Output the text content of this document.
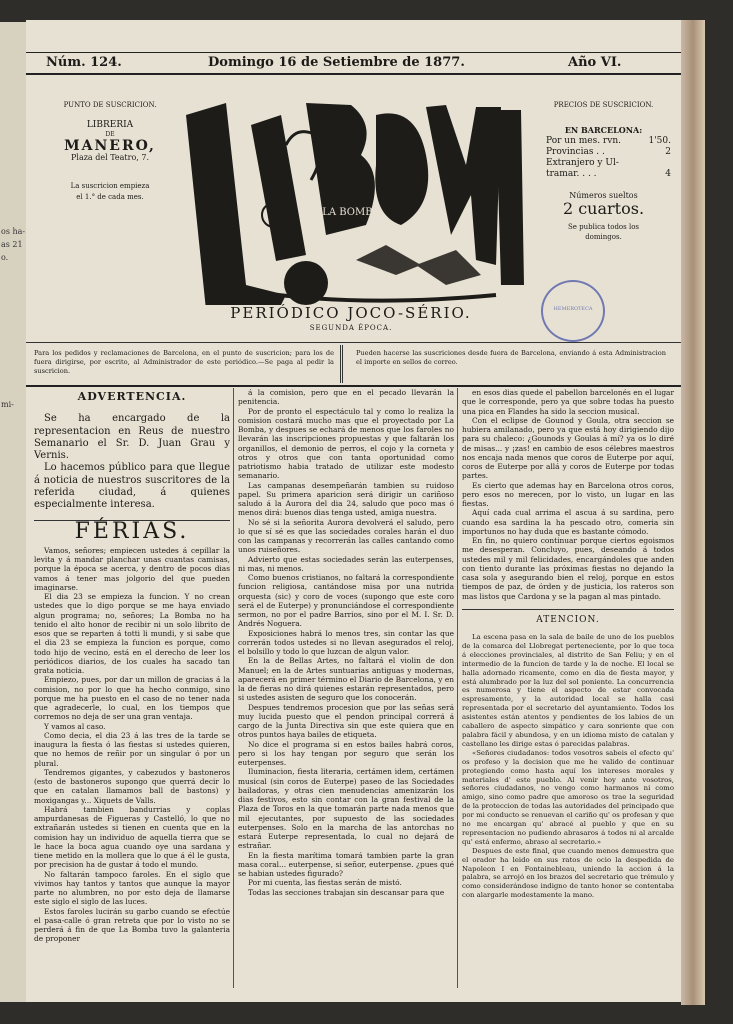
os ha-
as 21
o.
mi-
Núm. 124.	Domingo 16 de Setiembre de 1877.	Año VI.
PUNTO DE SUSCRICION.
LIBRERIA
DE
MANERO,
Plaza del Teatro, 7.
La suscricion empieza
el 1.° de cada mes.
LA BOMBA
PERIÓDICO JOCO-SÉRIO.
SEGUNDA ÉPOCA.
PRECIOS DE SUSCRICION.
EN BARCELONA:
Por un mes. rvn.	1'50.
Provincias . .	2
Extranjero y Ul-
tramar. . . .	4
Números sueltos
2 cuartos.
Se publica todos los
domingos.
HEMEROTECA
Para los pedidos y reclamaciones de Barcelona, en el punto de suscricion; para los de fuera dirigirse, por escrito, al Administrador de este periódico.—Se paga al pedir la suscricion.
Pueden hacerse las suscriciones desde fuera de Barcelona, enviando á esta Administracion el importe en sellos de correo.
ADVERTENCIA.

Se ha encargado de la representacion en Reus de nuestro Semanario el Sr. D. Juan Grau y Vernis.

Lo hacemos público para que llegue á noticia de nuestros suscritores de la referida ciudad, á quienes especialmente interesa.

FÉRIAS.

Vamos, señores; empiecen ustedes á cepillar la levita y á mandar planchar unas cuantas camisas, porque la época se acerca, y dentro de pocos dias vamos á tener mas jolgorio del que pueden imaginarse.

El dia 23 se empieza la funcion. Y no crean ustedes que lo digo porque se me haya enviado algun programa; no, señores; La Bomba no ha tenido el alto honor de recibir ni un solo librito de esos que se reparten á totti li mundi, y si sabe que el dia 23 se empieza la funcion es porque, como todo hijo de vecino, está en el derecho de leer los periódicos diarios, de los cuales ha sacado tan grata noticia.

Empiezo, pues, por dar un millon de gracias á la comision, no por lo que ha hecho conmigo, sino porque me ha puesto en el caso de no tener nada que agradecerle, lo cual, en los tiempos que corremos no deja de ser una gran ventaja.

Y vamos al caso.

Como decia, el dia 23 á las tres de la tarde se inaugura la fiesta ó las fiestas si ustedes quieren, que no hemos de reñir por un singular ó por un plural.

Tendremos gigantes, y cabezudos y bastoneros (esto de bastoneros supongo que querrá decir lo que en catalan llamamos ball de bastons) y moxigangas y... Xiquets de Valls.

Habrá tambien bandurrias y coplas ampurdanesas de Figueras y Castelló, lo que no extrañarán ustedes si tienen en cuenta que en la comision hay un individuo de aquella tierra que se le hace la boca agua cuando oye una sardana y tiene metido en la mollera que lo que á él le gusta, por precision ha de gustar á todo el mundo.

No faltarán tampoco faroles. En el siglo que vivimos hay tantos y tantos que aunque la mayor parte no alumbren, no por esto deja de llamarse este siglo el siglo de las luces.

Estos faroles lucirán su garbo cuando se efectúe el pasa-calle ó gran retreta que por lo visto no se perderá á fin de que La Bomba tuvo la galanteria de proponer

á la comision, pero que en el pecado llevarán la penitencia.

Por de pronto el espectáculo tal y como lo realiza la comision costará mucho mas que el proyectado por La Bomba, y despues se echará de menos que los faroles no llevarán las inscripciones propuestas y que faltarán los organillos, el demonio de perros, el cojo y la corneta y otros y otros que con tanta oportunidad como patriotismo habia tratado de utilizar este modesto semanario.

Las campanas desempeñarán tambien su ruidoso papel. Su primera aparicion será dirigir un cariñoso saludo á la Aurora del dia 24, saludo que poco mas ó menos dirá: buenos dias tenga usted, amiga nuestra.

No sé si la señorita Aurora devolverá el saludo, pero lo que sí sé es que las sociedades corales harán el duo con las campanas y recorrerán las calles cantando como unos ruiseñores.

Advierto que estas sociedades serán las euterpenses, ni mas, ni menos.

Como buenos cristianos, no faltará la correspondiente funcion religiosa, cantándose misa por una nutrida orquesta (sic) y coro de voces (supongo que este coro será el de Euterpe) y pronunciándose el correspondiente sermon, no por el padre Barrios, sino por el M. I. Sr. D. Andrés Noguera.

Exposiciones habrá lo menos tres, sin contar las que correrán todos ustedes si no llevan asegurados el reloj, el bolsillo y todo lo que luzcan de algun valor.

En la de Bellas Artes, no faltará el violin de don Manuel; en la de Artes suntuarias antiguas y modernas, aparecerá en primer término el Diario de Barcelona, y en la de fieras no dirá quienes estarán representados, pero si ustedes asisten de seguro que los conocerán.

Despues tendremos procesion que por las señas será muy lucida puesto que el pendon principal correrá á cargo de la Junta Directiva sin que este quiera que en otros puntos haya bailes de etiqueta.

No dice el programa si en estos bailes habrá coros, pero si los hay tengan por seguro que serán los euterpenses.

Iluminacion, fiesta literaria, certámen idem, certámen musical (sin coros de Euterpe) paseo de las Sociedades bailadoras, y otras cien menudencias amenizarán los dias festivos, esto sin contar con la gran festival de la Plaza de Toros en la que tomarán parte nada menos que mil ejecutantes, por supuesto de las sociedades euterpenses. Solo en la marcha de las antorchas no estará Euterpe representada, lo cual no dejará de estrañar.

En la fiesta marítima tomará tambien parte la gran masa coral... euterpense, si señor, euterpense. ¿pues qué se habian ustedes figurado?

Por mi cuenta, las fiestas serán de mistó.

Todas las secciones trabajan sin descansar para que

en esos dias quede el pabellon barcelonés en el lugar que le corresponde, pero ya que sobre todas ha puesto una pica en Flandes ha sido la seccion musical.

Con el eclipse de Gounod y Goula, otra seccion se hubiera amilanado, pero ya que está hoy dirigiendo dijo para su chaleco: ¿Gounods y Goulas á mí? ya os lo diré de misas... y ¡zas! en cambio de esos célebres maestros nos encaja nada menos que coros de Euterpe por aquí, coros de Euterpe por allá y coros de Euterpe por todas partes.

Es cierto que ademas hay en Barcelona otros coros, pero esos no merecen, por lo visto, un lugar en las fiestas.

Aquí cada cual arrima el ascua á su sardina, pero cuando esa sardina la ha pescado otro, comeria sin importunos no hay duda que es bastante cómodo.

En fin, no quiero continuar porque ciertos egoismos me desesperan. Concluyo, pues, deseando á todos ustedes mil y mil felicidades, encargándoles que anden con tiento durante las próximas fiestas no dejando la casa sola y asegurando bien el reloj, porque en estos tiempos de paz, de órden y de justicia, los rateros son mas listos que Cardona y se la pagan al mas pintado.

ATENCION.

La escena pasa en la sala de baile de uno de los pueblos de la comarca del Llobregat perteneciente, por lo que toca á elecciones provinciales, al distrito de San Feliu; y en el intermedio de la funcion de tarde y la de noche. El local se halla adornado ricamente, como en dia de fiesta mayor, y está alumbrado por la luz del sol poniente. La concurrencia es numerosa y tiene el aspecto de estar convocada espresamente, y la autoridad local se halla casi representada por el secretario del ayuntamiento. Todos los asistentes están atentos y pendientes de los labios de un caballero de aspecto simpático y cara sonriente que con palabra fácil y abundosa, y en un idioma misto de catalan y castellano les dirige estas ó parecidas palabras.

«Señores ciudadanos: todos vosotros sabeis el efecto qu' os profeso y la decision que me he valido de continuar protegiendo como hasta aquí los intereses morales y materiales d' este pueblo. Al venir hoy ante vosotros, señores ciudadanos, no vengo como harmanos ni como amigo, sino como padre que amoroso os trae la seguridad de la proteccion de todas las autoridades del principado que por mi conducto se renuevan el cariño qu' os profesan y que no me encargan qu' abracé al pueblo y que en su representacion no pudiendo abrasaros á todos ni al arcalde qu' está enfermo, abraso al secretario.»

Despues de este final, que cuando menos demuestra que el orador ha leido en sus ratos de ocio la despedida de Napoleon I en Fontainebleau, uniendo la accion á la palabra, se arrojó en los brazos del secretario que trémulo y como considerándose indigno de tanto honor se contentaba con alargarle modestamente la mano.
